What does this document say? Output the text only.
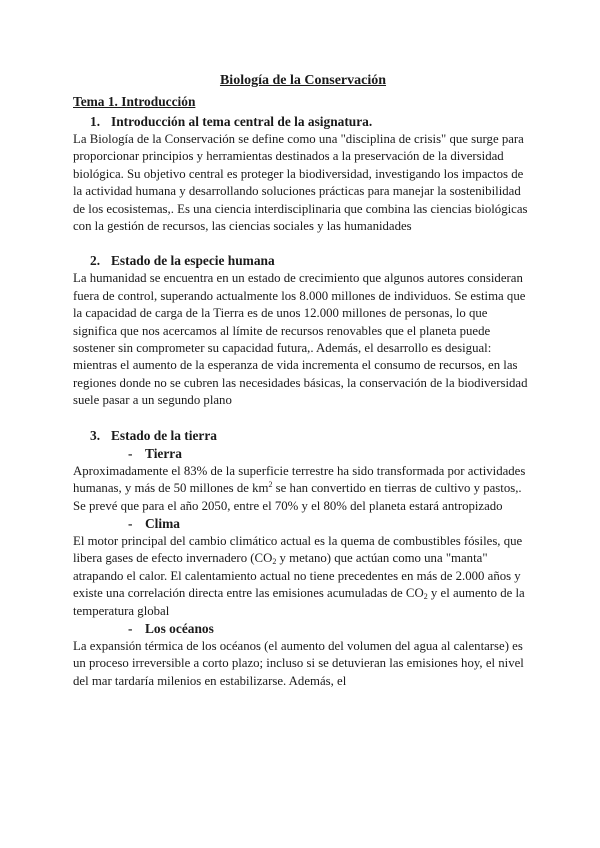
Biología de la Conservación

Tema 1. Introducción

1. Introducción al tema central de la asignatura.

La Biología de la Conservación se define como una "disciplina de crisis" que surge para proporcionar principios y herramientas destinados a la preservación de la diversidad biológica. Su objetivo central es proteger la biodiversidad, investigando los impactos de la actividad humana y desarrollando soluciones prácticas para manejar la sostenibilidad de los ecosistemas,. Es una ciencia interdisciplinaria que combina las ciencias biológicas con la gestión de recursos, las ciencias sociales y las humanidades

2. Estado de la especie humana

La humanidad se encuentra en un estado de crecimiento que algunos autores consideran fuera de control, superando actualmente los 8.000 millones de individuos. Se estima que la capacidad de carga de la Tierra es de unos 12.000 millones de personas, lo que significa que nos acercamos al límite de recursos renovables que el planeta puede sostener sin comprometer su capacidad futura,. Además, el desarrollo es desigual: mientras el aumento de la esperanza de vida incrementa el consumo de recursos, en las regiones donde no se cubren las necesidades básicas, la conservación de la biodiversidad suele pasar a un segundo plano

3. Estado de la tierra

- Tierra

Aproximadamente el 83% de la superficie terrestre ha sido transformada por actividades humanas, y más de 50 millones de $km^2$ se han convertido en tierras de cultivo y pastos,. Se prevé que para el año 2050, entre el 70% y el 80% del planeta estará antropizado

- Clima

El motor principal del cambio climático actual es la quema de combustibles fósiles, que libera gases de efecto invernadero ($CO_2$ y metano) que actúan como una "manta" atrapando el calor. El calentamiento actual no tiene precedentes en más de 2.000 años y existe una correlación directa entre las emisiones acumuladas de $CO_2$ y el aumento de la temperatura global

- Los océanos

La expansión térmica de los océanos (el aumento del volumen del agua al calentarse) es un proceso irreversible a corto plazo; incluso si se detuvieran las emisiones hoy, el nivel del mar tardaría milenios en estabilizarse. Además, el
